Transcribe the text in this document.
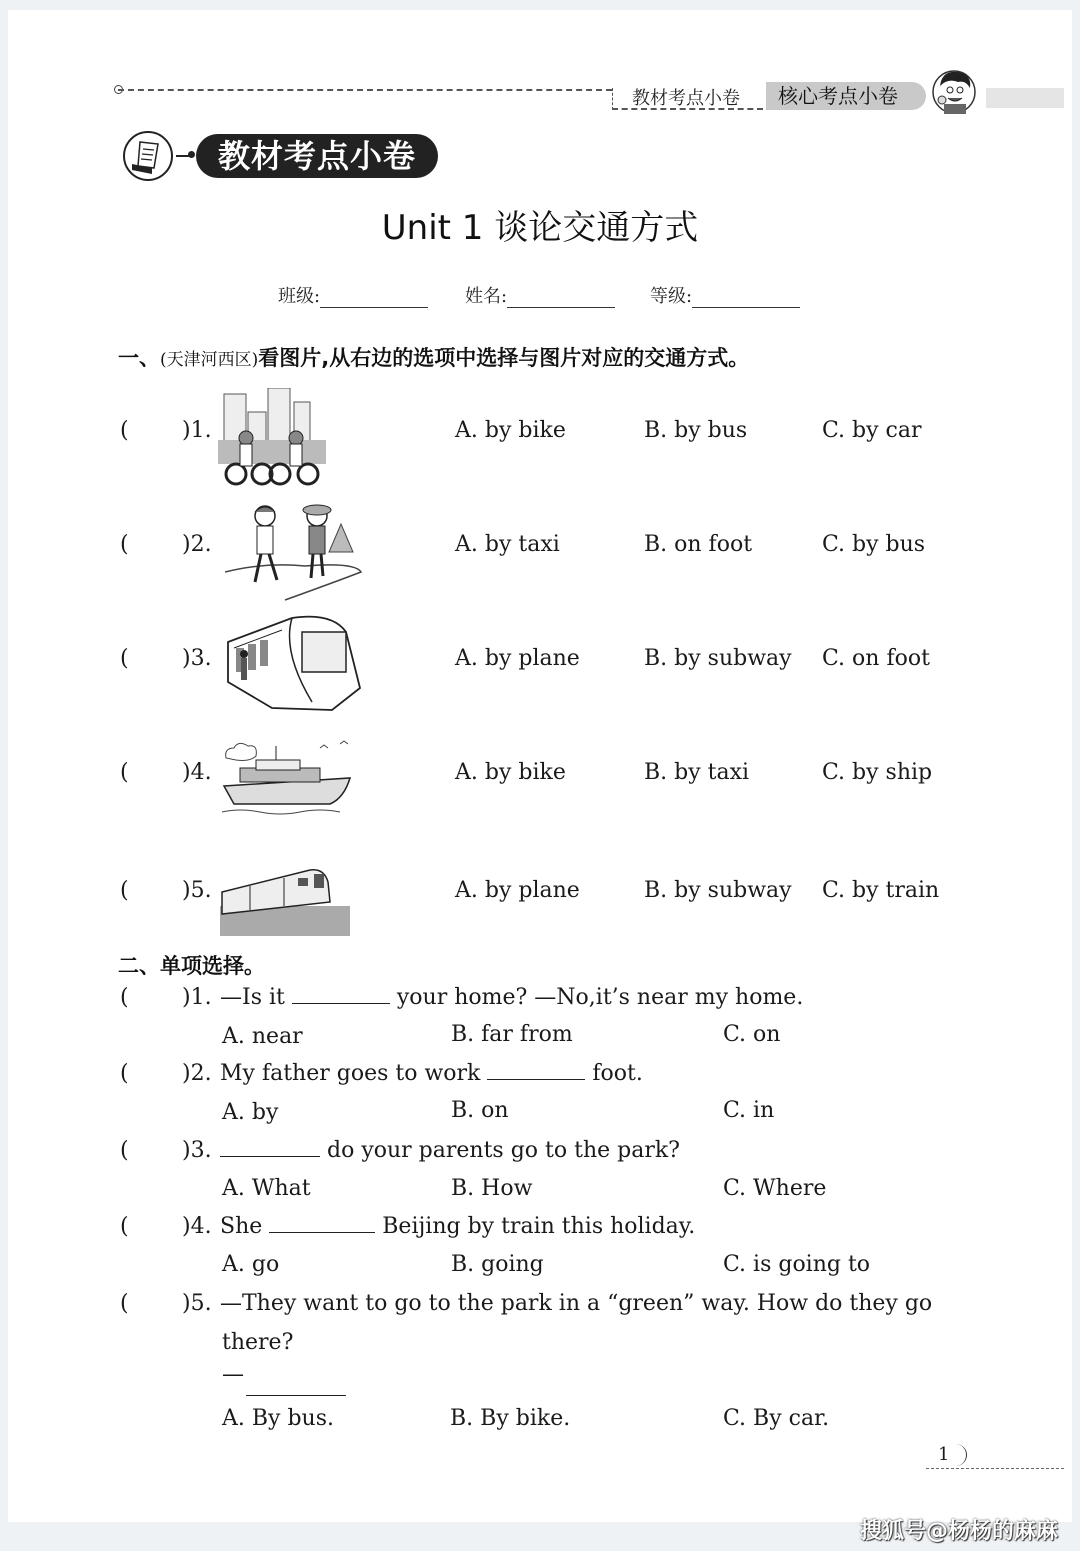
教材考点小卷	核心考点小卷
教材考点小卷
Unit 1 谈论交通方式
班级:	姓名:	等级:
一、(天津河西区)看图片,从右边的选项中选择与图片对应的交通方式。
( )1.	A. by bike	B. by bus	C. by car
( )2.	A. by taxi	B. on foot	C. by bus
( )3.	A. by plane	B. by subway C. on foot
( )4.	A. by bike	B. by taxi	C. by ship
( )5.	A. by plane	B. by subway C. by train
二、单项选择。
( )1. —Is it	your home? —No,it’s near my home.
A. near	B. far from	C. on
( )2. My father goes to work	foot.
A. by	B. on	C. in
( )3.	do your parents go to the park?
A. What	B. How	C. Where
( )4. She	Beijing by train this holiday.
A. go	B. going	C. is going to
( )5. —They want to go to the park in a “green” way. How do they go
there?
—
A. By bus.	B. By bike.	C. By car.
1
搜狐号@杨杨的麻麻
